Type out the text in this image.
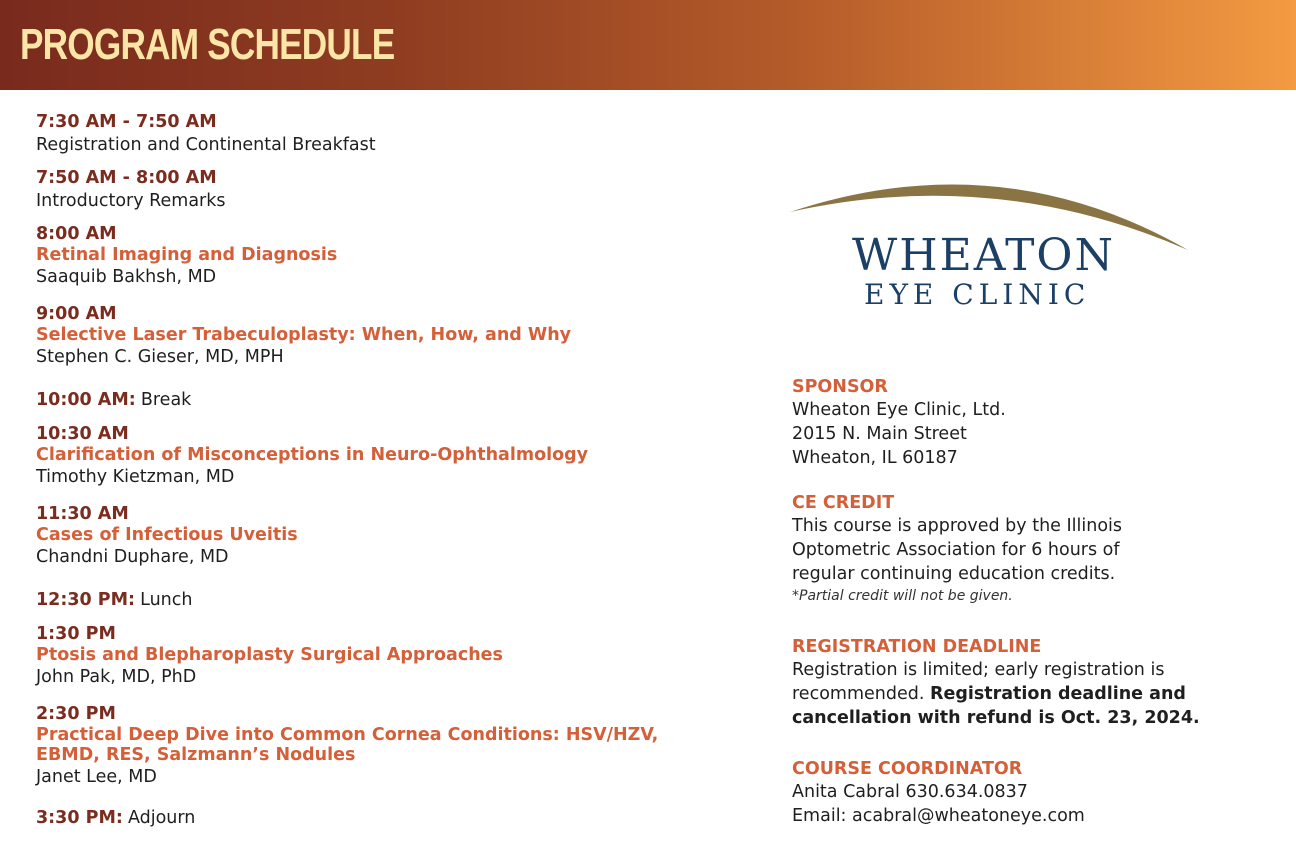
PROGRAM SCHEDULE
7:30 AM - 7:50 AM
Registration and Continental Breakfast
7:50 AM - 8:00 AM
Introductory Remarks
8:00 AM
Retinal Imaging and Diagnosis
Saaquib Bakhsh, MD
9:00 AM
Selective Laser Trabeculoplasty: When, How, and Why
Stephen C. Gieser, MD, MPH
10:00 AM: Break
10:30 AM
Clarification of Misconceptions in Neuro-Ophthalmology
Timothy Kietzman, MD
11:30 AM
Cases of Infectious Uveitis
Chandni Duphare, MD
12:30 PM: Lunch
1:30 PM
Ptosis and Blepharoplasty Surgical Approaches
John Pak, MD, PhD
2:30 PM
Practical Deep Dive into Common Cornea Conditions: HSV/HZV,
EBMD, RES, Salzmann’s Nodules
Janet Lee, MD
3:30 PM: Adjourn
WHEATON
EYE CLINIC
SPONSOR
Wheaton Eye Clinic, Ltd.
2015 N. Main Street
Wheaton, IL 60187
CE CREDIT
This course is approved by the Illinois
Optometric Association for 6 hours of
regular continuing education credits.
*Partial credit will not be given.
REGISTRATION DEADLINE
Registration is limited; early registration is
recommended. Registration deadline and
cancellation with refund is Oct. 23, 2024.
COURSE COORDINATOR
Anita Cabral 630.634.0837
Email: acabral@wheatoneye.com
